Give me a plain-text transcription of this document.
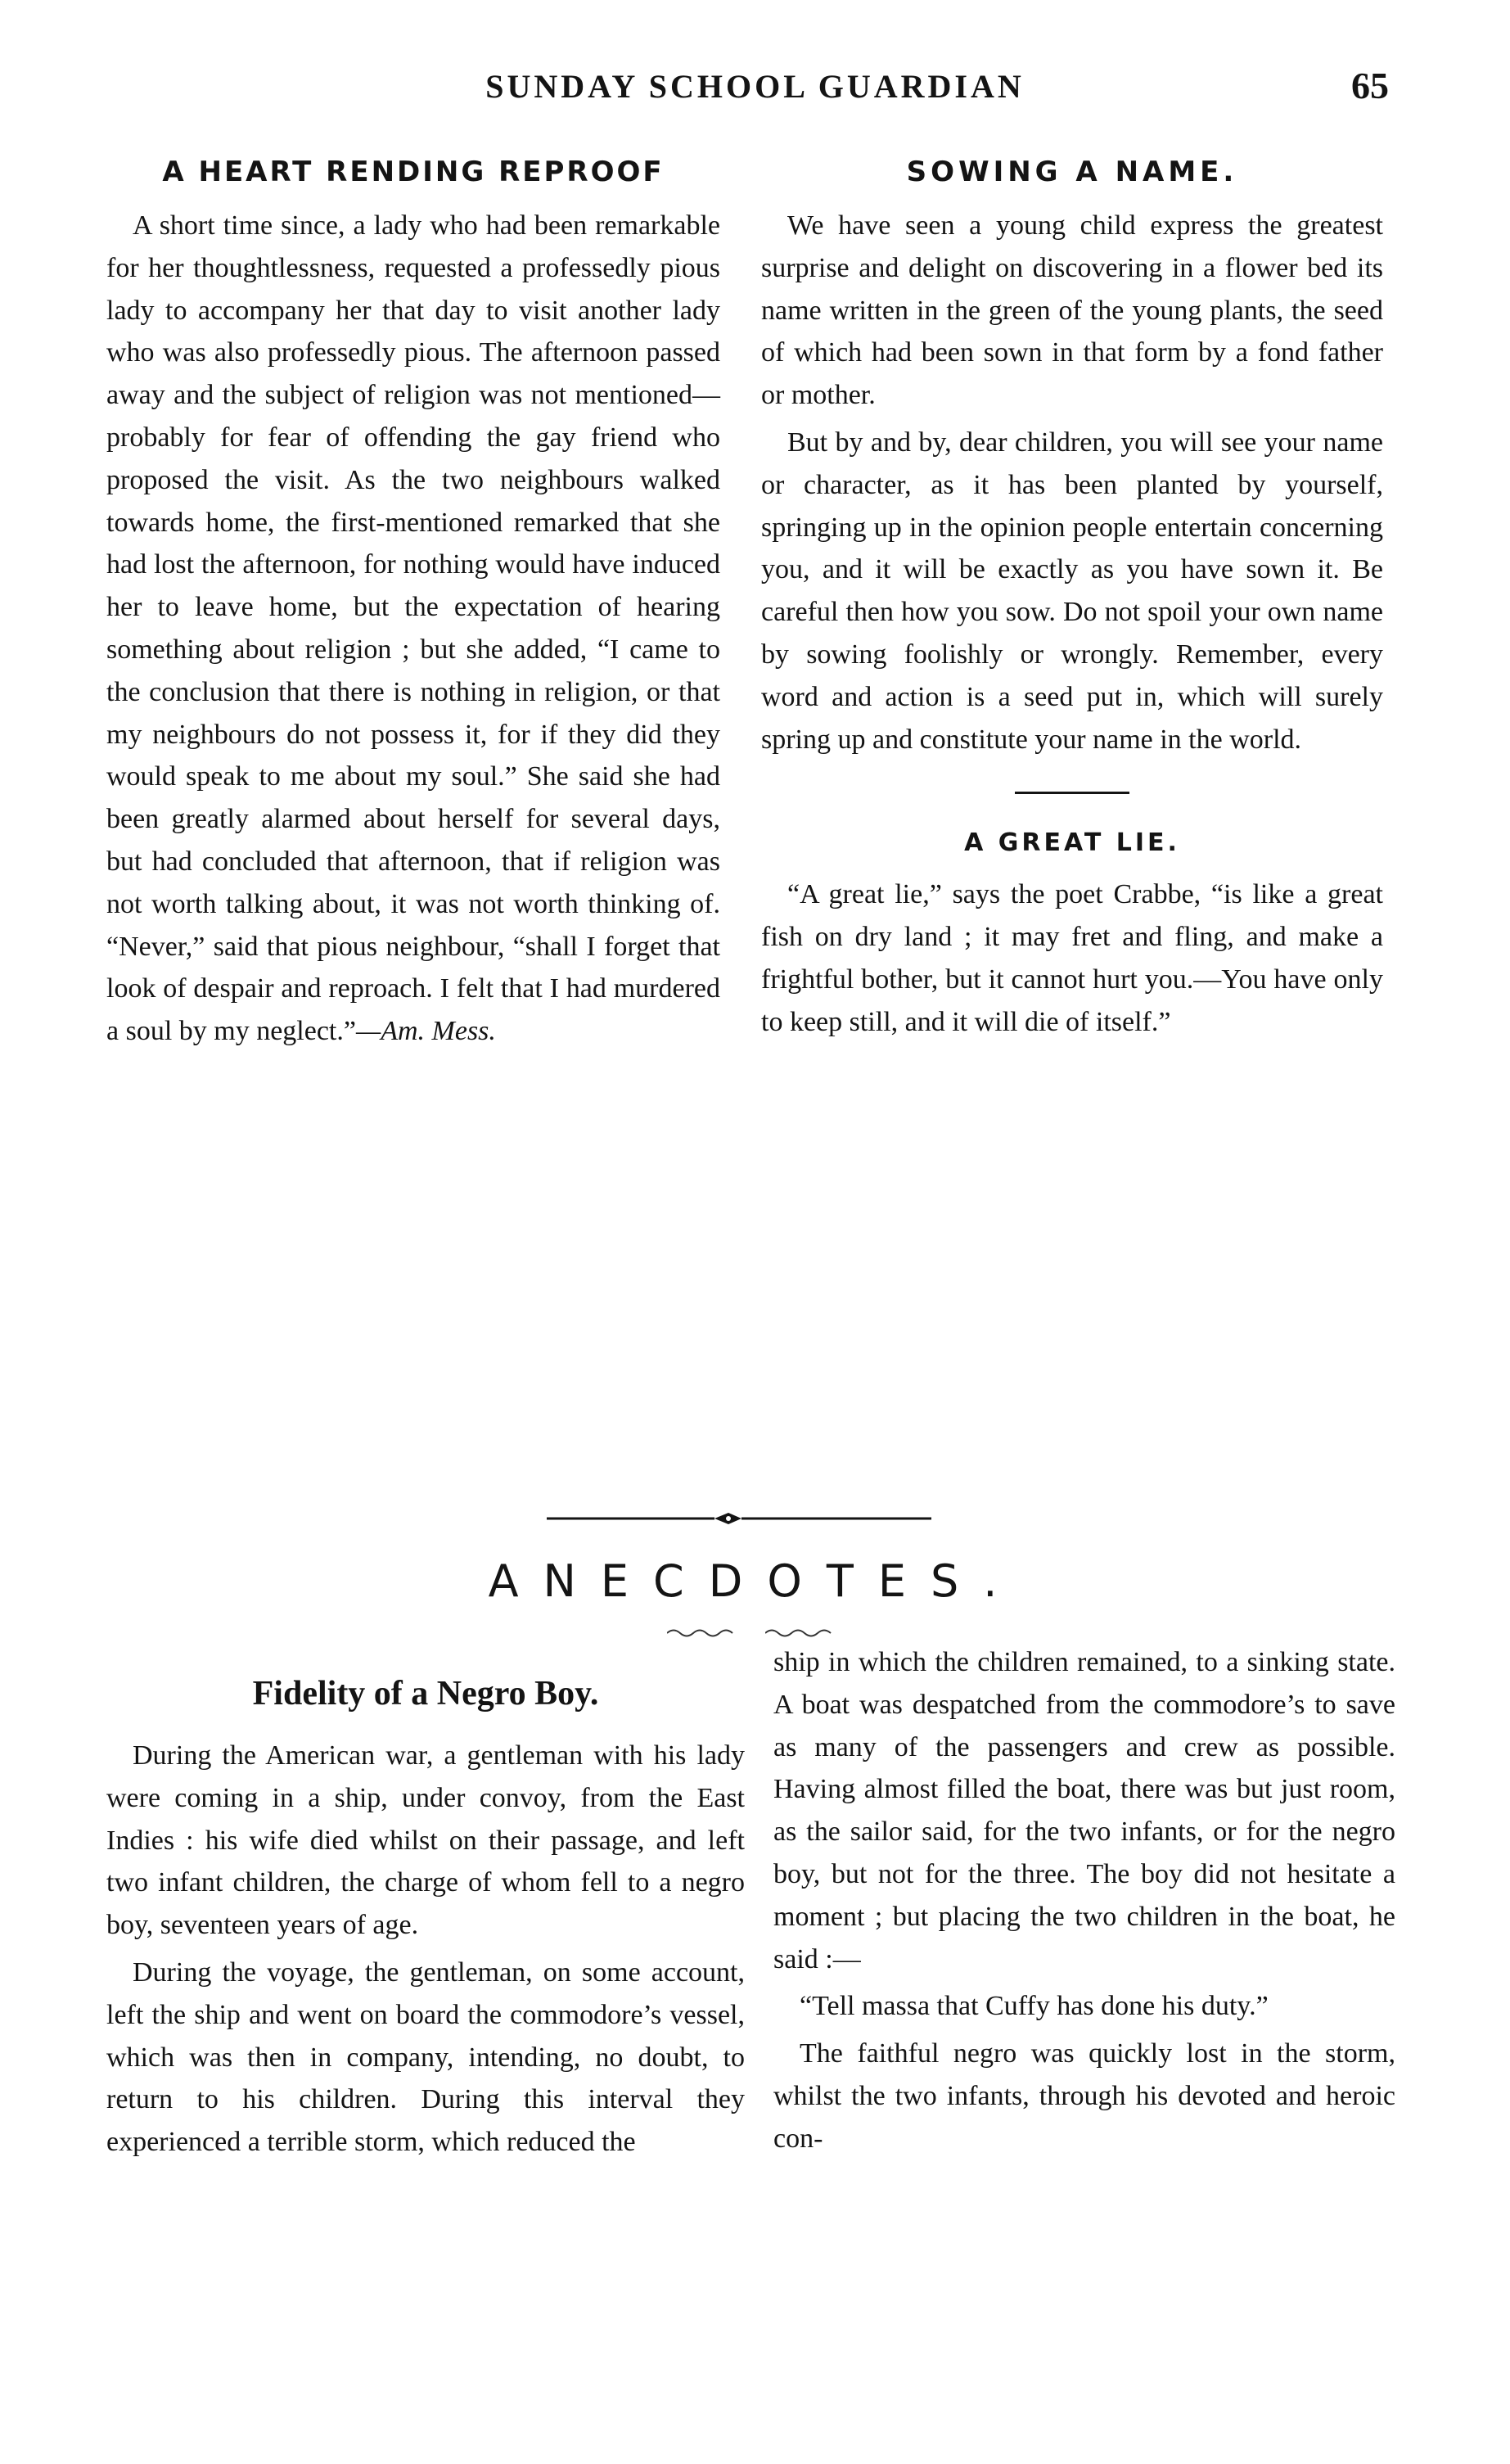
SUNDAY SCHOOL GUARDIAN	65
A HEART RENDING REPROOF

A short time since, a lady who had been remarkable for her thoughtlessness, requested a professedly pious lady to accompany her that day to visit another lady who was also professedly pious. The afternoon passed away and the subject of religion was not mentioned—probably for fear of offending the gay friend who proposed the visit. As the two neighbours walked towards home, the first-mentioned remarked that she had lost the afternoon, for nothing would have induced her to leave home, but the expectation of hearing something about religion ; but she added, “I came to the conclusion that there is nothing in religion, or that my neighbours do not possess it, for if they did they would speak to me about my soul.” She said she had been greatly alarmed about herself for several days, but had concluded that afternoon, that if religion was not worth talking about, it was not worth thinking of. “Never,” said that pious neighbour, “shall I forget that look of despair and reproach. I felt that I had murdered a soul by my neglect.”—Am. Mess.

SOWING A NAME.

We have seen a young child express the greatest surprise and delight on discovering in a flower bed its name written in the green of the young plants, the seed of which had been sown in that form by a fond father or mother.

But by and by, dear children, you will see your name or character, as it has been planted by yourself, springing up in the opinion people entertain concerning you, and it will be exactly as you have sown it. Be careful then how you sow. Do not spoil your own name by sowing foolishly or wrongly. Remember, every word and action is a seed put in, which will surely spring up and constitute your name in the world.

A GREAT LIE.

“A great lie,” says the poet Crabbe, “is like a great fish on dry land ; it may fret and fling, and make a frightful bother, but it cannot hurt you.—You have only to keep still, and it will die of itself.”

ANECDOTES.
Fidelity of a Negro Boy.

During the American war, a gentleman with his lady were coming in a ship, under convoy, from the East Indies : his wife died whilst on their passage, and left two infant children, the charge of whom fell to a negro boy, seventeen years of age.

During the voyage, the gentleman, on some account, left the ship and went on board the commodore’s vessel, which was then in company, intending, no doubt, to return to his children. During this interval they experienced a terrible storm, which reduced the

ship in which the children remained, to a sinking state. A boat was despatched from the commodore’s to save as many of the passengers and crew as possible. Having almost filled the boat, there was but just room, as the sailor said, for the two infants, or for the negro boy, but not for the three. The boy did not hesitate a moment ; but placing the two children in the boat, he said :—

“Tell massa that Cuffy has done his duty.”

The faithful negro was quickly lost in the storm, whilst the two infants, through his devoted and heroic con-
